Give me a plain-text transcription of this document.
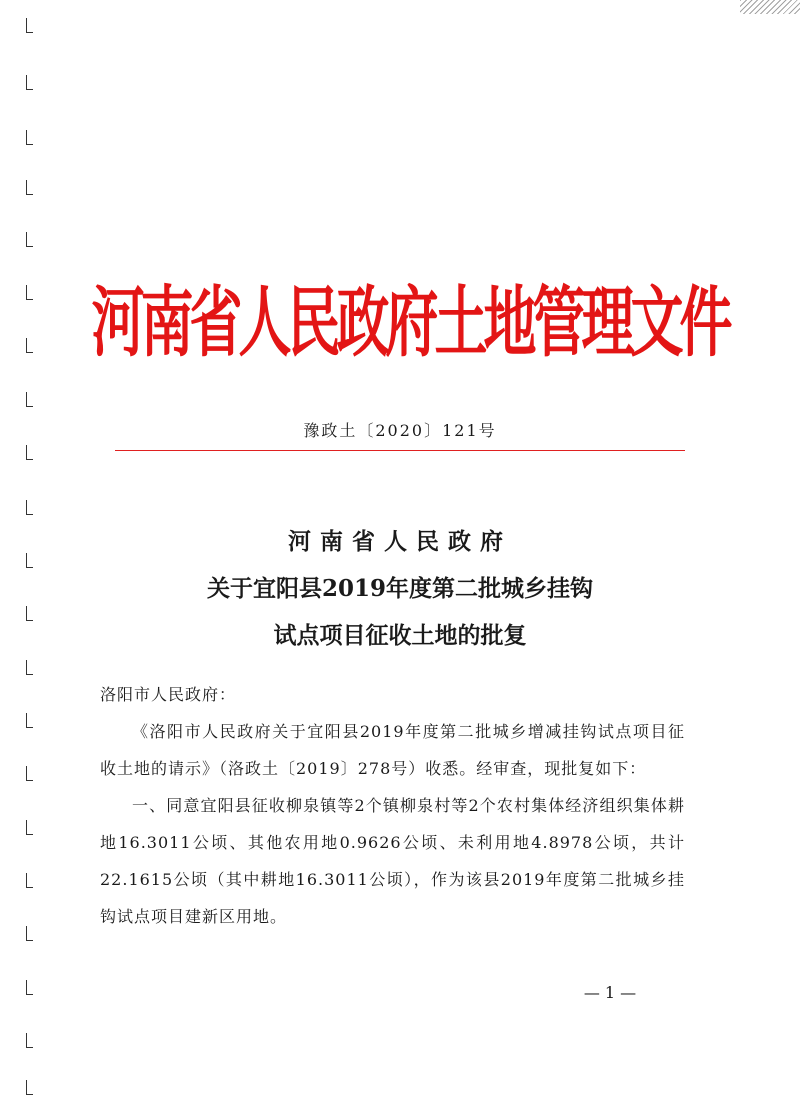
河南省人民政府土地管理文件
豫政土〔2020〕121号
河南省人民政府
关于宜阳县2019年度第二批城乡挂钩
试点项目征收土地的批复

洛阳市人民政府：

《洛阳市人民政府关于宜阳县2019年度第二批城乡增减挂钩试点项目征收土地的请示》（洛政土〔2019〕278号）收悉。经审查，现批复如下：

一、同意宜阳县征收柳泉镇等2个镇柳泉村等2个农村集体经济组织集体耕地16.3011公顷、其他农用地0.9626公顷、未利用地4.8978公顷，共计22.1615公顷（其中耕地16.3011公顷），作为该县2019年度第二批城乡挂钩试点项目建新区用地。

— 1 —
